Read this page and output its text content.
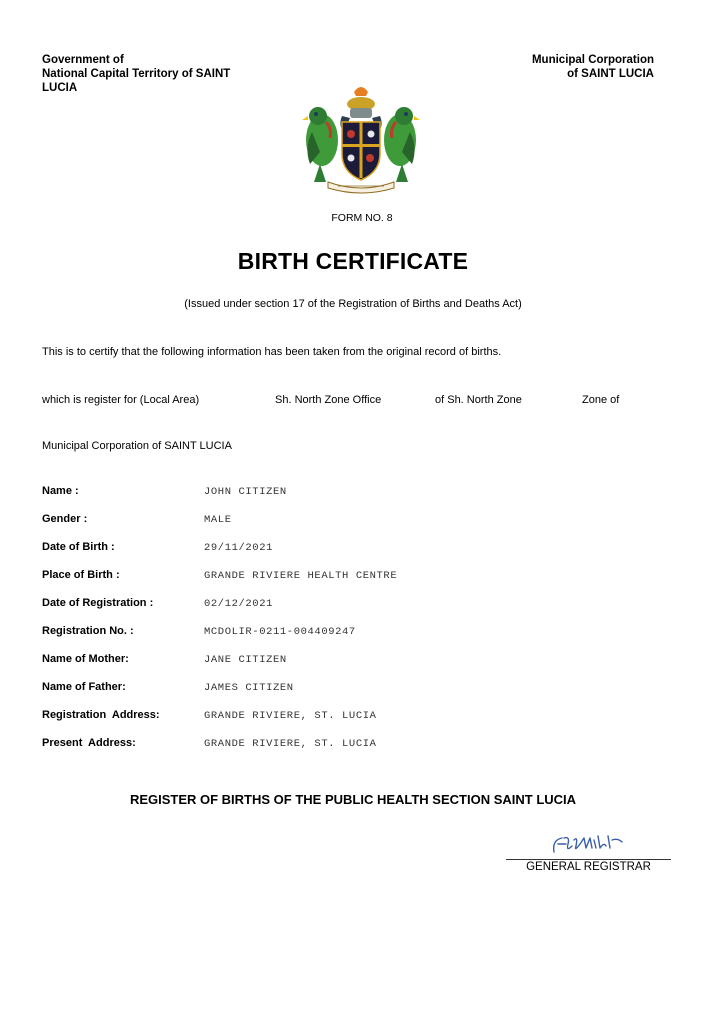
Government of
National Capital Territory of SAINT
LUCIA
Municipal Corporation
of SAINT LUCIA
FORM NO. 8
BIRTH CERTIFICATE
(Issued under section 17 of the Registration of Births and Deaths Act)
This is to certify that the following information has been taken from the original record of births.
which is register for (Local Area)	Sh. North Zone Office	of Sh. North Zone	Zone of
Municipal Corporation of SAINT LUCIA
Name :	JOHN CITIZEN
Gender :	MALE
Date of Birth :	29/11/2021
Place of Birth :	GRANDE RIVIERE HEALTH CENTRE
Date of Registration :	02/12/2021
Registration No. :	MCDOLIR-0211-004409247
Name of Mother:	JANE CITIZEN
Name of Father:	JAMES CITIZEN
Registration  Address:	GRANDE RIVIERE, ST. LUCIA
Present  Address:	GRANDE RIVIERE, ST. LUCIA
REGISTER OF BIRTHS OF THE PUBLIC HEALTH SECTION SAINT LUCIA
GENERAL REGISTRAR
